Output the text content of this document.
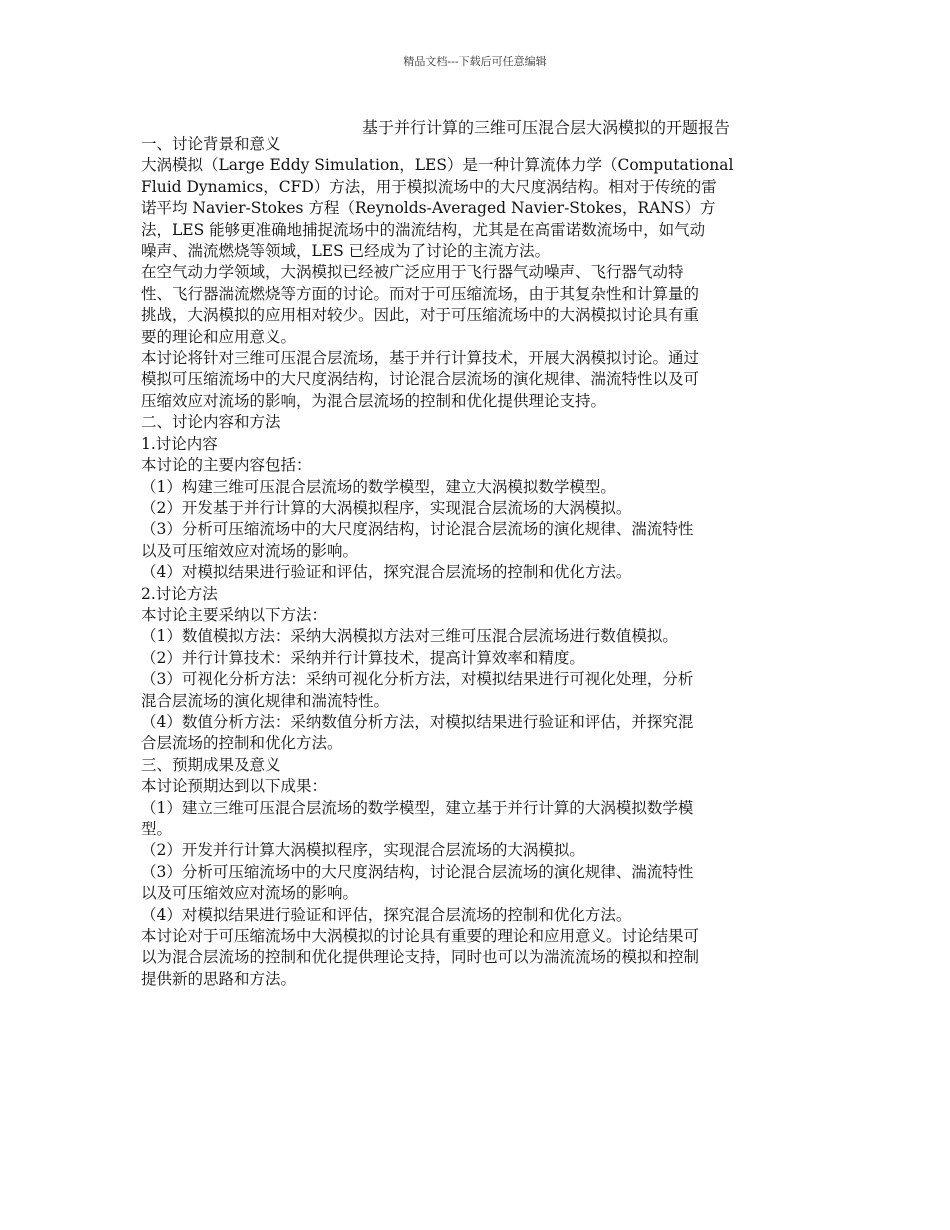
精品文档---下载后可任意编辑
基于并行计算的三维可压混合层大涡模拟的开题报告
一、讨论背景和意义
大涡模拟（Large Eddy Simulation，LES）是一种计算流体力学（Computational
Fluid Dynamics，CFD）方法，用于模拟流场中的大尺度涡结构。相对于传统的雷
诺平均 Navier-Stokes 方程（Reynolds-Averaged Navier-Stokes，RANS）方
法，LES 能够更准确地捕捉流场中的湍流结构，尤其是在高雷诺数流场中，如气动
噪声、湍流燃烧等领域，LES 已经成为了讨论的主流方法。
在空气动力学领域，大涡模拟已经被广泛应用于飞行器气动噪声、飞行器气动特
性、飞行器湍流燃烧等方面的讨论。而对于可压缩流场，由于其复杂性和计算量的
挑战，大涡模拟的应用相对较少。因此，对于可压缩流场中的大涡模拟讨论具有重
要的理论和应用意义。
本讨论将针对三维可压混合层流场，基于并行计算技术，开展大涡模拟讨论。通过
模拟可压缩流场中的大尺度涡结构，讨论混合层流场的演化规律、湍流特性以及可
压缩效应对流场的影响，为混合层流场的控制和优化提供理论支持。
二、讨论内容和方法
1.讨论内容
本讨论的主要内容包括：
（1）构建三维可压混合层流场的数学模型，建立大涡模拟数学模型。
（2）开发基于并行计算的大涡模拟程序，实现混合层流场的大涡模拟。
（3）分析可压缩流场中的大尺度涡结构，讨论混合层流场的演化规律、湍流特性
以及可压缩效应对流场的影响。
（4）对模拟结果进行验证和评估，探究混合层流场的控制和优化方法。
2.讨论方法
本讨论主要采纳以下方法：
（1）数值模拟方法：采纳大涡模拟方法对三维可压混合层流场进行数值模拟。
（2）并行计算技术：采纳并行计算技术，提高计算效率和精度。
（3）可视化分析方法：采纳可视化分析方法，对模拟结果进行可视化处理，分析
混合层流场的演化规律和湍流特性。
（4）数值分析方法：采纳数值分析方法，对模拟结果进行验证和评估，并探究混
合层流场的控制和优化方法。
三、预期成果及意义
本讨论预期达到以下成果：
（1）建立三维可压混合层流场的数学模型，建立基于并行计算的大涡模拟数学模
型。
（2）开发并行计算大涡模拟程序，实现混合层流场的大涡模拟。
（3）分析可压缩流场中的大尺度涡结构，讨论混合层流场的演化规律、湍流特性
以及可压缩效应对流场的影响。
（4）对模拟结果进行验证和评估，探究混合层流场的控制和优化方法。
本讨论对于可压缩流场中大涡模拟的讨论具有重要的理论和应用意义。讨论结果可
以为混合层流场的控制和优化提供理论支持，同时也可以为湍流流场的模拟和控制
提供新的思路和方法。
